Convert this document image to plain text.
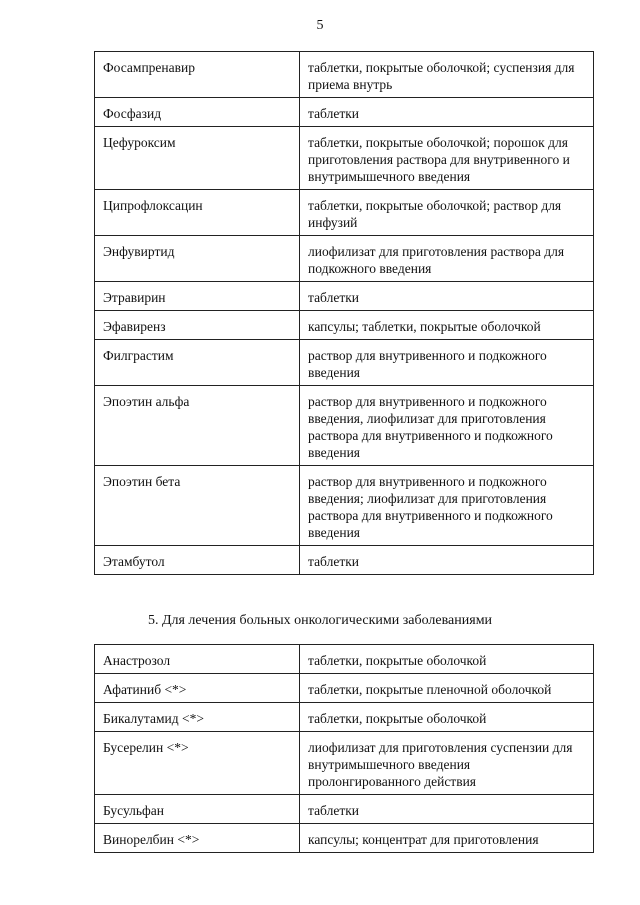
5
Фосампренавир	таблетки, покрытые оболочкой; суспензия для приема внутрь
Фосфазид	таблетки
Цефуроксим	таблетки, покрытые оболочкой; порошок для приготовления раствора для внутривенного и внутримышечного введения
Ципрофлоксацин	таблетки, покрытые оболочкой; раствор для инфузий
Энфувиртид	лиофилизат для приготовления раствора для подкожного введения
Этравирин	таблетки
Эфавиренз	капсулы; таблетки, покрытые оболочкой
Филграстим	раствор для внутривенного и подкожного введения
Эпоэтин альфа	раствор для внутривенного и подкожного введения, лиофилизат для приготовления раствора для внутривенного и подкожного введения
Эпоэтин бета	раствор для внутривенного и подкожного введения; лиофилизат для приготовления раствора для внутривенного и подкожного введения
Этамбутол	таблетки
5. Для лечения больных онкологическими заболеваниями
Анастрозол	таблетки, покрытые оболочкой
Афатиниб <*>	таблетки, покрытые пленочной оболочкой
Бикалутамид <*>	таблетки, покрытые оболочкой
Бусерелин <*>	лиофилизат для приготовления суспензии для внутримышечного введения пролонгированного действия
Бусульфан	таблетки
Винорелбин <*>	капсулы; концентрат для приготовления
